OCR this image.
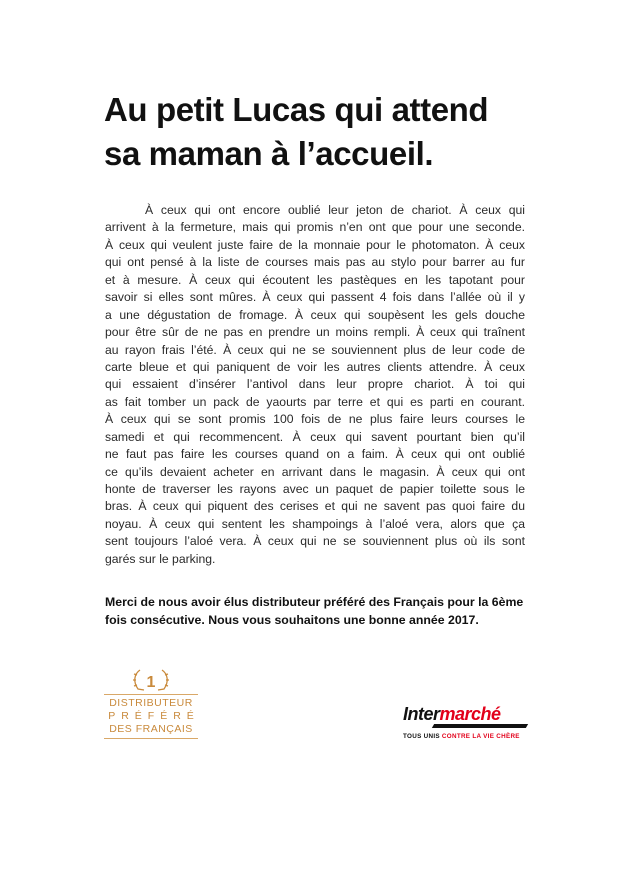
Au petit Lucas qui attend
sa maman à l’accueil.
À ceux qui ont encore oublié leur jeton de chariot. À ceux qui
arrivent à la fermeture, mais qui promis n’en ont que pour une seconde.
À ceux qui veulent juste faire de la monnaie pour le photomaton. À ceux
qui ont pensé à la liste de courses mais pas au stylo pour barrer au fur
et à mesure. À ceux qui écoutent les pastèques en les tapotant pour
savoir si elles sont mûres. À ceux qui passent 4 fois dans l’allée où il y
a une dégustation de fromage. À ceux qui soupèsent les gels douche
pour être sûr de ne pas en prendre un moins rempli. À ceux qui traînent
au rayon frais l’été. À ceux qui ne se souviennent plus de leur code de
carte bleue et qui paniquent de voir les autres clients attendre. À ceux
qui essaient d’insérer l’antivol dans leur propre chariot. À toi qui
as fait tomber un pack de yaourts par terre et qui es parti en courant.
À ceux qui se sont promis 100 fois de ne plus faire leurs courses le
samedi et qui recommencent. À ceux qui savent pourtant bien qu’il
ne faut pas faire les courses quand on a faim. À ceux qui ont oublié
ce qu’ils devaient acheter en arrivant dans le magasin. À ceux qui ont
honte de traverser les rayons avec un paquet de papier toilette sous le
bras. À ceux qui piquent des cerises et qui ne savent pas quoi faire du
noyau. À ceux qui sentent les shampoings à l’aloé vera, alors que ça
sent toujours l’aloé vera. À ceux qui ne se souviennent plus où ils sont
garés sur le parking.
Merci de nous avoir élus distributeur préféré des Français pour la 6ème
fois consécutive. Nous vous souhaitons une bonne année 2017.
1
DISTRIBUTEUR
PRÉFÉRÉ
DES FRANÇAIS
Intermarché
TOUS UNIS CONTRE LA VIE CHÈRE
